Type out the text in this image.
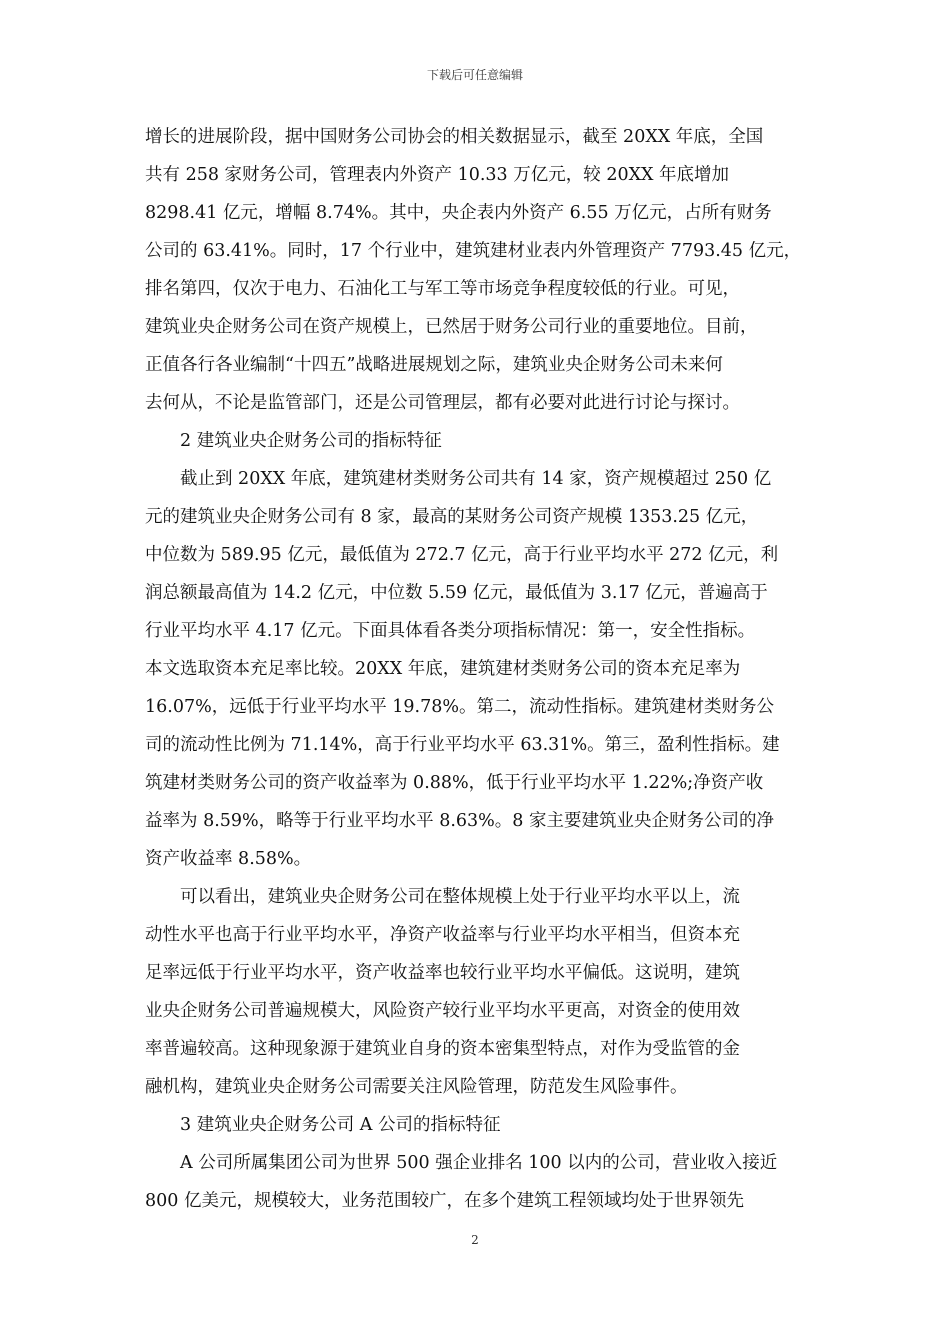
下载后可任意编辑
增长的进展阶段，据中国财务公司协会的相关数据显示，截至 20XX 年底，全国
共有 258 家财务公司，管理表内外资产 10.33 万亿元，较 20XX 年底增加
8298.41 亿元，增幅 8.74%。其中，央企表内外资产 6.55 万亿元，占所有财务
公司的 63.41%。同时，17 个行业中，建筑建材业表内外管理资产 7793.45 亿元，
排名第四，仅次于电力、石油化工与军工等市场竞争程度较低的行业。可见，
建筑业央企财务公司在资产规模上，已然居于财务公司行业的重要地位。目前，
正值各行各业编制“十四五”战略进展规划之际，建筑业央企财务公司未来何
去何从，不论是监管部门，还是公司管理层，都有必要对此进行讨论与探讨。
　　2 建筑业央企财务公司的指标特征
　　截止到 20XX 年底，建筑建材类财务公司共有 14 家，资产规模超过 250 亿
元的建筑业央企财务公司有 8 家，最高的某财务公司资产规模 1353.25 亿元，
中位数为 589.95 亿元，最低值为 272.7 亿元，高于行业平均水平 272 亿元，利
润总额最高值为 14.2 亿元，中位数 5.59 亿元，最低值为 3.17 亿元，普遍高于
行业平均水平 4.17 亿元。下面具体看各类分项指标情况：第一，安全性指标。
本文选取资本充足率比较。20XX 年底，建筑建材类财务公司的资本充足率为
16.07%，远低于行业平均水平 19.78%。第二，流动性指标。建筑建材类财务公
司的流动性比例为 71.14%，高于行业平均水平 63.31%。第三，盈利性指标。建
筑建材类财务公司的资产收益率为 0.88%，低于行业平均水平 1.22%;净资产收
益率为 8.59%，略等于行业平均水平 8.63%。8 家主要建筑业央企财务公司的净
资产收益率 8.58%。
　　可以看出，建筑业央企财务公司在整体规模上处于行业平均水平以上，流
动性水平也高于行业平均水平，净资产收益率与行业平均水平相当，但资本充
足率远低于行业平均水平，资产收益率也较行业平均水平偏低。这说明，建筑
业央企财务公司普遍规模大，风险资产较行业平均水平更高，对资金的使用效
率普遍较高。这种现象源于建筑业自身的资本密集型特点，对作为受监管的金
融机构，建筑业央企财务公司需要关注风险管理，防范发生风险事件。
　　3 建筑业央企财务公司 A 公司的指标特征
　　A 公司所属集团公司为世界 500 强企业排名 100 以内的公司，营业收入接近
800 亿美元，规模较大，业务范围较广，在多个建筑工程领域均处于世界领先
2
